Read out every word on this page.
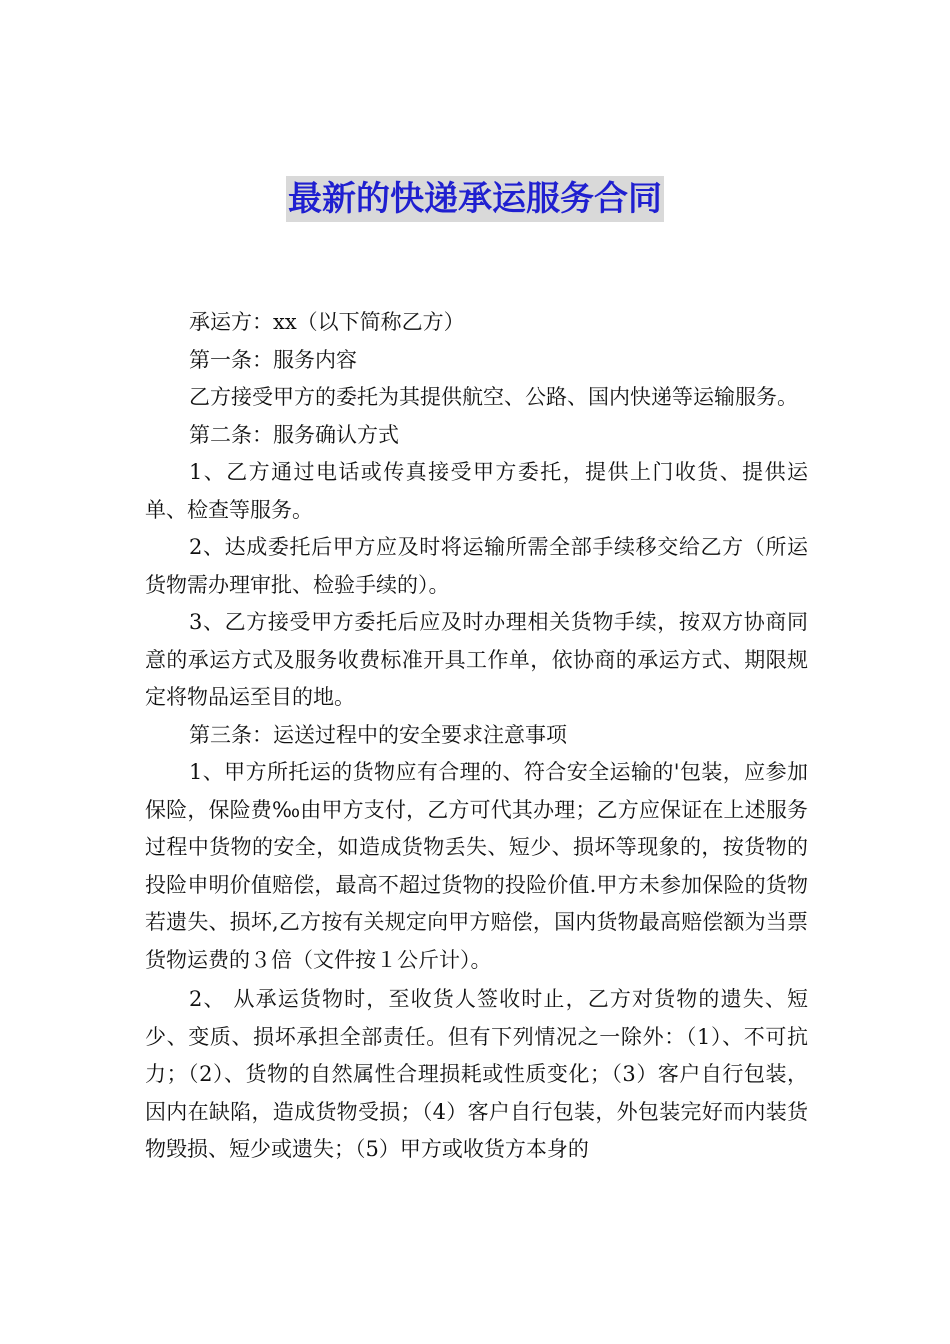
最新的快递承运服务合同

承运方：xx（以下简称乙方）

第一条：服务内容

乙方接受甲方的委托为其提供航空、公路、国内快递等运输服务。

第二条：服务确认方式

1、乙方通过电话或传真接受甲方委托，提供上门收货、提供运单、检查等服务。

2、达成委托后甲方应及时将运输所需全部手续移交给乙方（所运货物需办理审批、检验手续的）。

3、乙方接受甲方委托后应及时办理相关货物手续，按双方协商同意的承运方式及服务收费标准开具工作单，依协商的承运方式、期限规定将物品运至目的地。

第三条：运送过程中的安全要求注意事项

1、甲方所托运的货物应有合理的、符合安全运输的'包装，应参加保险，保险费‰由甲方支付，乙方可代其办理；乙方应保证在上述服务过程中货物的安全，如造成货物丢失、短少、损坏等现象的，按货物的投险申明价值赔偿，最高不超过货物的投险价值.甲方未参加保险的货物若遗失、损坏,乙方按有关规定向甲方赔偿，国内货物最高赔偿额为当票货物运费的３倍（文件按１公斤计）。

2、 从承运货物时，至收货人签收时止，乙方对货物的遗失、短少、变质、损坏承担全部责任。但有下列情况之一除外：（1）、不可抗力；（2）、货物的自然属性合理损耗或性质变化；（3）客户自行包装，因内在缺陷，造成货物受损；（4）客户自行包装，外包装完好而内装货物毁损、短少或遗失；（5）甲方或收货方本身的
